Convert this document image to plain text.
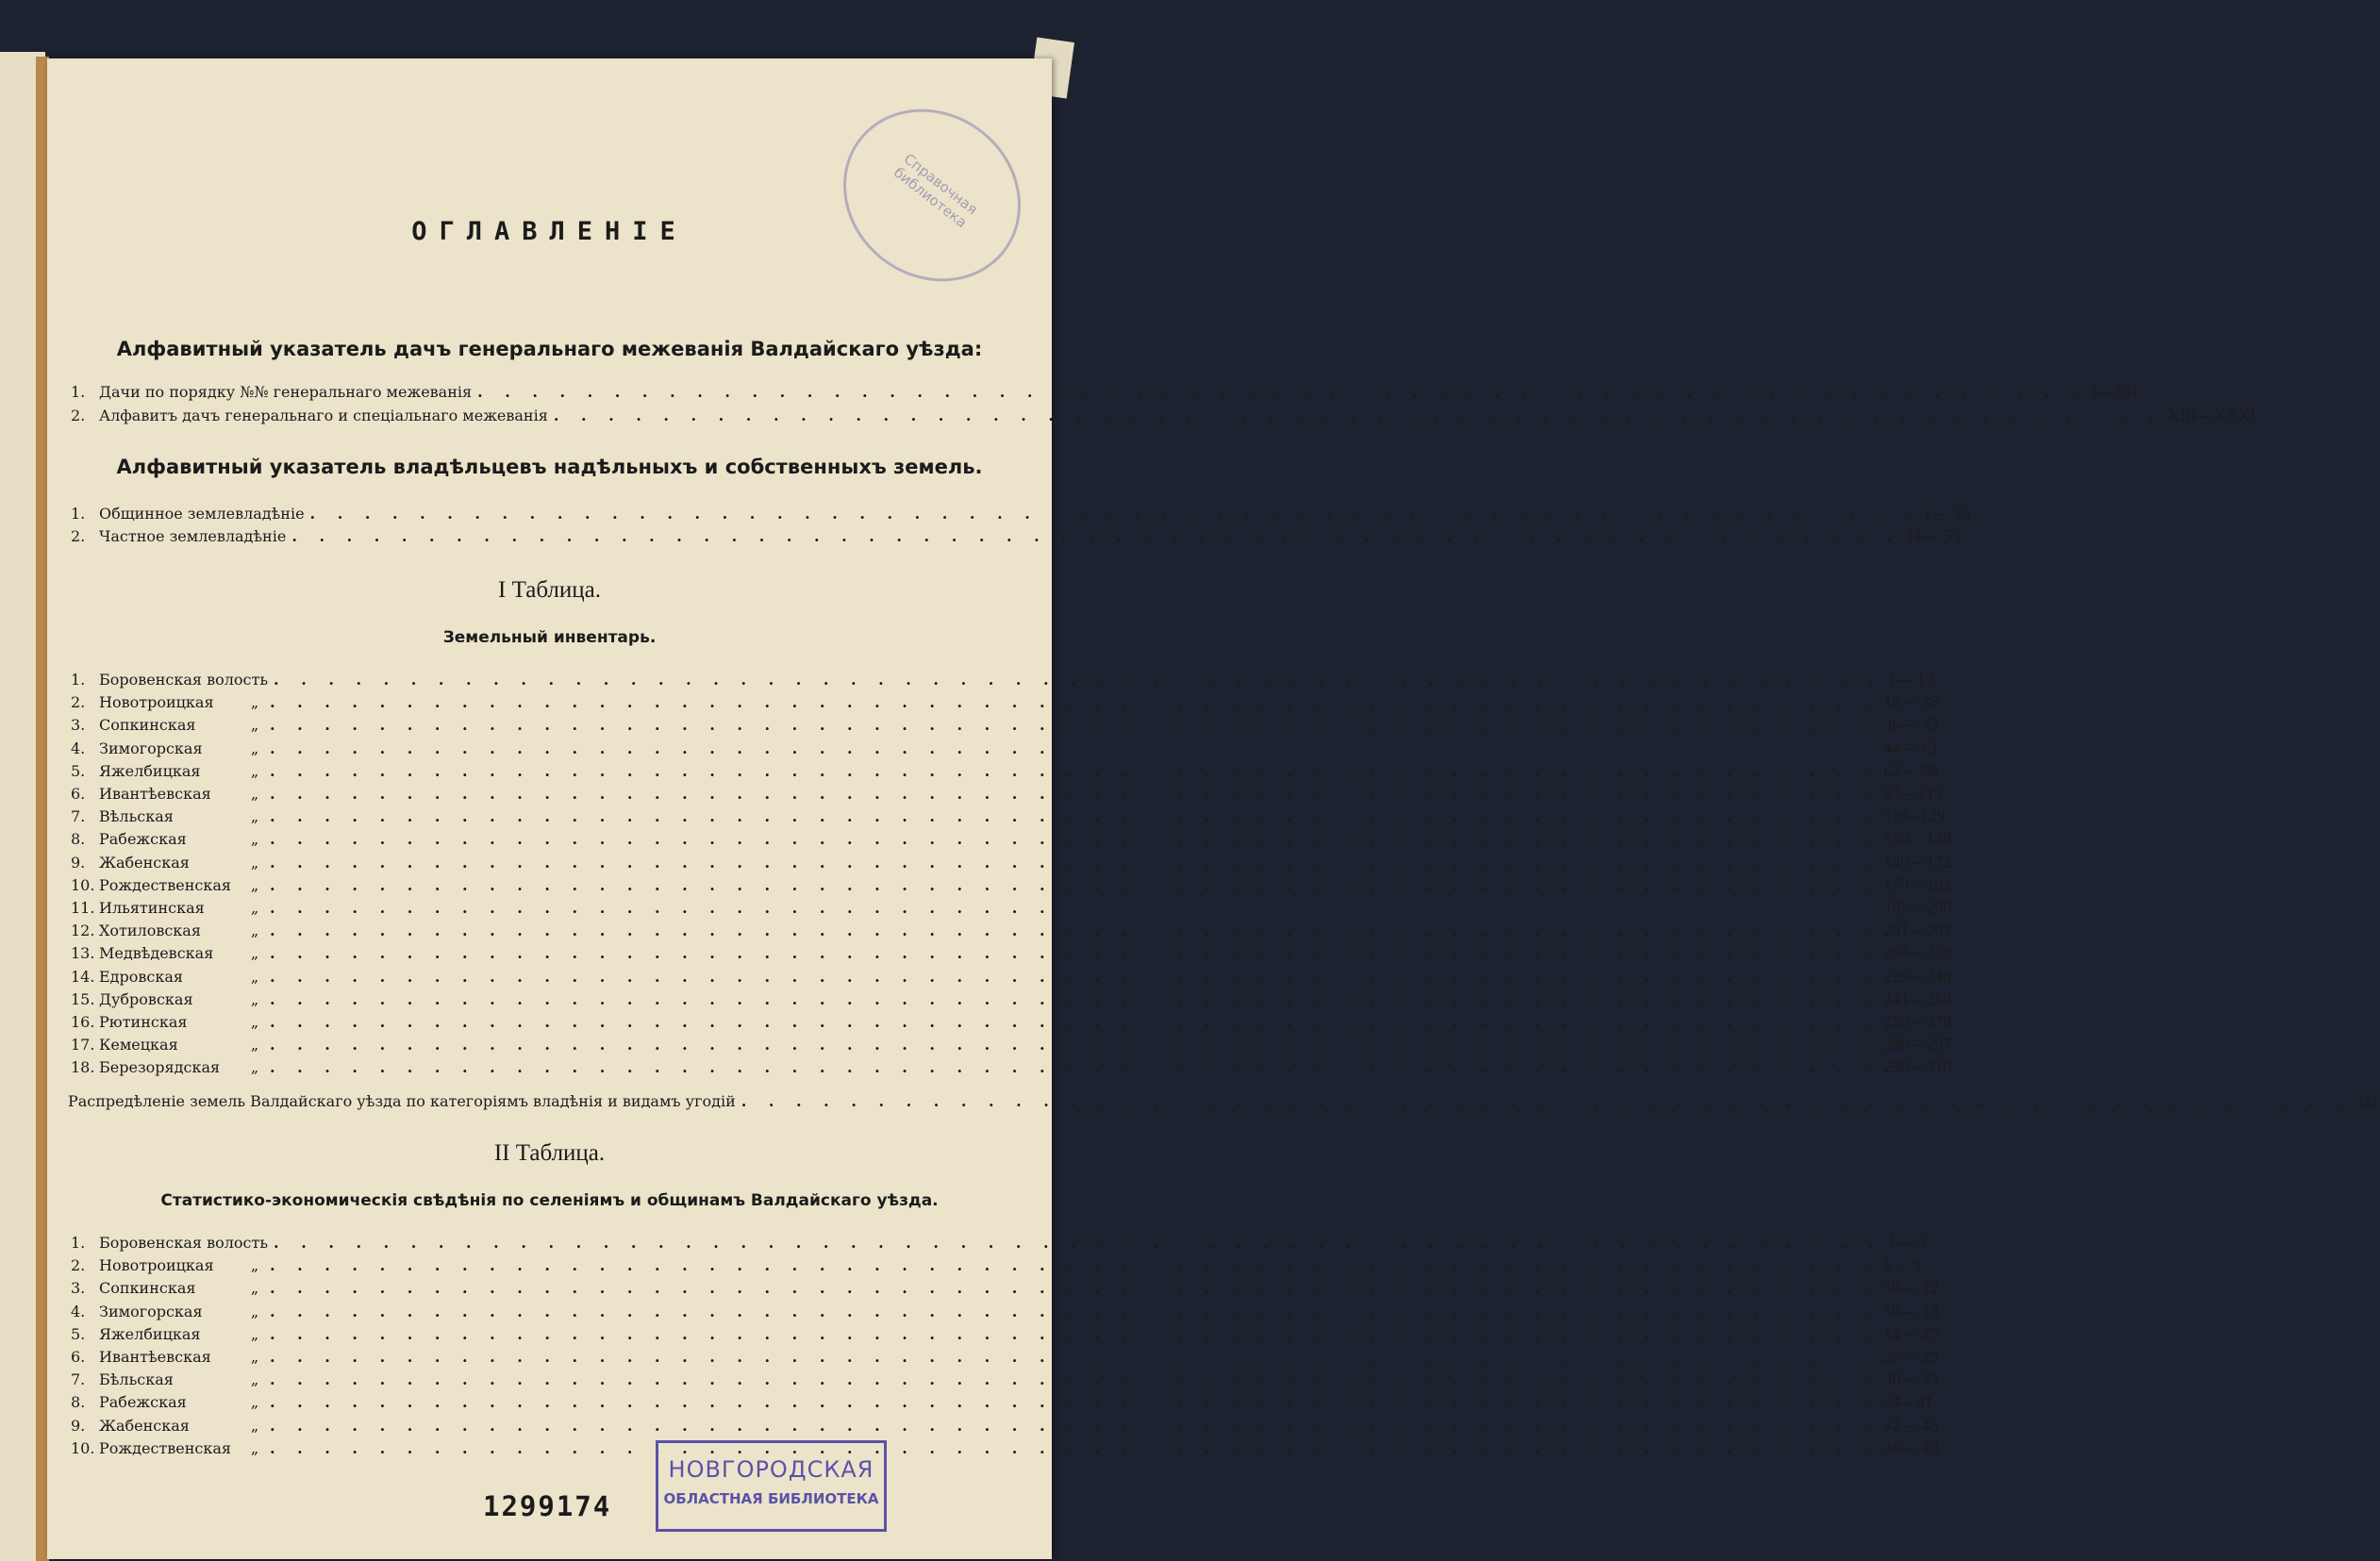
Справочная библиотека
ОГЛАВЛЕНІЕ
Алфавитный указатель дачъ генеральнаго межеванія Валдайскаго уѣзда:
1. Дачи по порядку №№ генеральнаго межеванія . . . . . . . . . . . . . . . . . . . . . . . . . . . . . . . . . . . . . . . . . . . . . . . . . . . . . . . . . . . I—XII.
2. Алфавитъ дачъ генеральнаго и спеціальнаго межеванія . . . . . . . . . . . . . . . . . . . . . . . . . . . . . . . . . . . . . . . . . . . . . . . . . . . . . . . . . . . XIII—XXXI.
Алфавитный указатель владѣльцевъ надѣльныхъ и собственныхъ земель.
1. Общинное землевладѣніе . . . . . . . . . . . . . . . . . . . . . . . . . . . . . . . . . . . . . . . . . . . . . . . . . . . . . . . . . . . 1— 13
2. Частное землевладѣніе . . . . . . . . . . . . . . . . . . . . . . . . . . . . . . . . . . . . . . . . . . . . . . . . . . . . . . . . . . . 14— 53
I Таблица.
Земельный инвентарь.
1. Боровенская волость . . . . . . . . . . . . . . . . . . . . . . . . . . . . . . . . . . . . . . . . . . . . . . . . . . . . . . . . . . . 1— 17
2. Новотроицкая	„ . . . . . . . . . . . . . . . . . . . . . . . . . . . . . . . . . . . . . . . . . . . . . . . . . . . . . . . . . . . 18— 35
3. Сопкинская	„ . . . . . . . . . . . . . . . . . . . . . . . . . . . . . . . . . . . . . . . . . . . . . . . . . . . . . . . . . . . 36— 43
4. Зимогорская	„ . . . . . . . . . . . . . . . . . . . . . . . . . . . . . . . . . . . . . . . . . . . . . . . . . . . . . . . . . . . 44— 61
5. Яжелбицкая	„ . . . . . . . . . . . . . . . . . . . . . . . . . . . . . . . . . . . . . . . . . . . . . . . . . . . . . . . . . . . 62— 96
6. Ивантѣевская	„ . . . . . . . . . . . . . . . . . . . . . . . . . . . . . . . . . . . . . . . . . . . . . . . . . . . . . . . . . . . 97—115
7. Вѣльская	„ . . . . . . . . . . . . . . . . . . . . . . . . . . . . . . . . . . . . . . . . . . . . . . . . . . . . . . . . . . . 116--129
8. Рабежская	„ . . . . . . . . . . . . . . . . . . . . . . . . . . . . . . . . . . . . . . . . . . . . . . . . . . . . . . . . . . . 130—148
9. Жабенская	„ . . . . . . . . . . . . . . . . . . . . . . . . . . . . . . . . . . . . . . . . . . . . . . . . . . . . . . . . . . . 149—172
10. Рождественская	„ . . . . . . . . . . . . . . . . . . . . . . . . . . . . . . . . . . . . . . . . . . . . . . . . . . . . . . . . . . . 173—181
11. Ильятинская	„ . . . . . . . . . . . . . . . . . . . . . . . . . . . . . . . . . . . . . . . . . . . . . . . . . . . . . . . . . . . 182—200
12. Хотиловская	„ . . . . . . . . . . . . . . . . . . . . . . . . . . . . . . . . . . . . . . . . . . . . . . . . . . . . . . . . . . . 201—203
13. Медвѣдевская	„ . . . . . . . . . . . . . . . . . . . . . . . . . . . . . . . . . . . . . . . . . . . . . . . . . . . . . . . . . . . 204—228
14. Едровская	„ . . . . . . . . . . . . . . . . . . . . . . . . . . . . . . . . . . . . . . . . . . . . . . . . . . . . . . . . . . . 229—240
15. Дубровская	„ . . . . . . . . . . . . . . . . . . . . . . . . . . . . . . . . . . . . . . . . . . . . . . . . . . . . . . . . . . . 241—258
16. Рютинская	„ . . . . . . . . . . . . . . . . . . . . . . . . . . . . . . . . . . . . . . . . . . . . . . . . . . . . . . . . . . . 259—279
17. Кемецкая	„ . . . . . . . . . . . . . . . . . . . . . . . . . . . . . . . . . . . . . . . . . . . . . . . . . . . . . . . . . . . 280—297
18. Березорядская	„ . . . . . . . . . . . . . . . . . . . . . . . . . . . . . . . . . . . . . . . . . . . . . . . . . . . . . . . . . . . 298—310
Распредѣленіе земель Валдайскаго уѣзда по категоріямъ владѣнія и видамъ угодій . . . . . . . . . . . . . . . . . . . . . . . . . . . . . . . . . . . . . . . . . . . . . . . . . . . . . . . . . . . 311
II Таблица.
Статистико-экономическія свѣдѣнія по селеніямъ и общинамъ Валдайскаго уѣзда.
1. Боровенская волость . . . . . . . . . . . . . . . . . . . . . . . . . . . . . . . . . . . . . . . . . . . . . . . . . . . . . . . . . . . 1— 5
2. Новотроицкая	„ . . . . . . . . . . . . . . . . . . . . . . . . . . . . . . . . . . . . . . . . . . . . . . . . . . . . . . . . . . . 6— 9
3. Сопкинская	„ . . . . . . . . . . . . . . . . . . . . . . . . . . . . . . . . . . . . . . . . . . . . . . . . . . . . . . . . . . . 10— 12
4. Зимогорская	„ . . . . . . . . . . . . . . . . . . . . . . . . . . . . . . . . . . . . . . . . . . . . . . . . . . . . . . . . . . . 10— 13
5. Яжелбицкая	„ . . . . . . . . . . . . . . . . . . . . . . . . . . . . . . . . . . . . . . . . . . . . . . . . . . . . . . . . . . . 14— 25
6. Ивантѣевская	„ . . . . . . . . . . . . . . . . . . . . . . . . . . . . . . . . . . . . . . . . . . . . . . . . . . . . . . . . . . . 26— 29
7. Бѣльская	„ . . . . . . . . . . . . . . . . . . . . . . . . . . . . . . . . . . . . . . . . . . . . . . . . . . . . . . . . . . . 30— 33
8. Рабежская	„ . . . . . . . . . . . . . . . . . . . . . . . . . . . . . . . . . . . . . . . . . . . . . . . . . . . . . . . . . . . 34-- 41
9. Жабенская	„ . . . . . . . . . . . . . . . . . . . . . . . . . . . . . . . . . . . . . . . . . . . . . . . . . . . . . . . . . . . 42— 45
10. Рождественская	„ . . . . . . . . . . . . . . . . . . . . . . . . . . . . . . . . . . . . . . . . . . . . . . . . . . . . . . . . . . . 46— 49
1299174
НОВГОРОДСКАЯ
ОБЛАСТНАЯ БИБЛИОТЕКА
